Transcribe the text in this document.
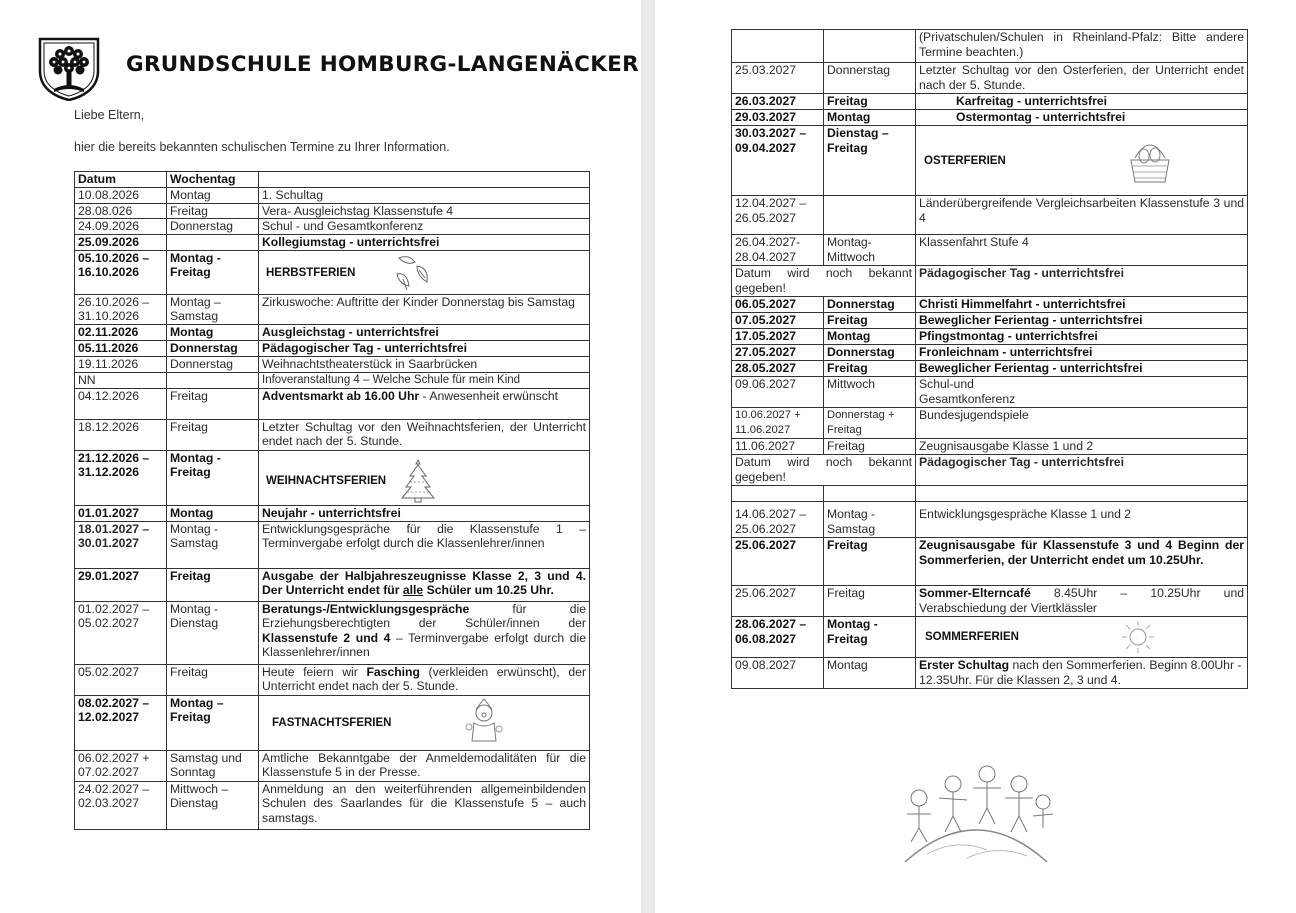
GRUNDSCHULE HOMBURG-LANGENÄCKER
Liebe Eltern,
hier die bereits bekannten schulischen Termine zu Ihrer Information.
Datum	Wochentag	
10.08.2026	Montag	1. Schultag
28.08.026	Freitag	Vera- Ausgleichstag Klassenstufe 4
24.09.2026	Donnerstag	Schul - und Gesamtkonferenz
25.09.2026		Kollegiumstag - unterrichtsfrei
05.10.2026 – 16.10.2026	Montag - Freitag	HERBSTFERIEN
26.10.2026 – 31.10.2026	Montag – Samstag	Zirkuswoche: Auftritte der Kinder Donnerstag bis Samstag
02.11.2026	Montag	Ausgleichstag - unterrichtsfrei
05.11.2026	Donnerstag	Pädagogischer Tag - unterrichtsfrei
19.11.2026	Donnerstag	Weihnachtstheaterstück in Saarbrücken
NN		Infoveranstaltung 4 – Welche Schule für mein Kind
04.12.2026	Freitag	Adventsmarkt ab 16.00 Uhr - Anwesenheit erwünscht
18.12.2026	Freitag	Letzter Schultag vor den Weihnachtsferien, der Unterricht endet nach der 5. Stunde.
21.12.2026 – 31.12.2026	Montag - Freitag	WEIHNACHTSFERIEN
01.01.2027	Montag	Neujahr - unterrichtsfrei
18.01.2027 – 30.01.2027	Montag - Samstag	Entwicklungsgespräche für die Klassenstufe 1 – Terminvergabe erfolgt durch die Klassenlehrer/innen
29.01.2027	Freitag	Ausgabe der Halbjahreszeugnisse Klasse 2, 3 und 4. Der Unterricht endet für alle Schüler um 10.25 Uhr.
01.02.2027 – 05.02.2027	Montag - Dienstag	Beratungs-/Entwicklungsgespräche für die Erziehungsberechtigten der Schüler/innen der Klassenstufe 2 und 4 – Terminvergabe erfolgt durch die Klassenlehrer/innen
05.02.2027	Freitag	Heute feiern wir Fasching (verkleiden erwünscht), der Unterricht endet nach der 5. Stunde.
08.02.2027 – 12.02.2027	Montag – Freitag	FASTNACHTSFERIEN
06.02.2027 + 07.02.2027	Samstag und Sonntag	Amtliche Bekanntgabe der Anmeldemodalitäten für die Klassenstufe 5 in der Presse.
24.02.2027 – 02.03.2027	Mittwoch – Dienstag	Anmeldung an den weiterführenden allgemeinbildenden Schulen des Saarlandes für die Klassenstufe 5 – auch samstags.
		(Privatschulen/Schulen in Rheinland-Pfalz: Bitte andere Termine beachten.)
25.03.2027	Donnerstag	Letzter Schultag vor den Osterferien, der Unterricht endet nach der 5. Stunde.
26.03.2027	Freitag	Karfreitag - unterrichtsfrei
29.03.2027	Montag	Ostermontag - unterrichtsfrei
30.03.2027 – 09.04.2027	Dienstag – Freitag	OSTERFERIEN
12.04.2027 – 26.05.2027		Länderübergreifende Vergleichsarbeiten Klassenstufe 3 und 4
26.04.2027- 28.04.2027	Montag- Mittwoch	Klassenfahrt Stufe 4
Datum wird noch bekannt gegeben!		Pädagogischer Tag - unterrichtsfrei
06.05.2027	Donnerstag	Christi Himmelfahrt - unterrichtsfrei
07.05.2027	Freitag	Beweglicher Ferientag - unterrichtsfrei
17.05.2027	Montag	Pfingstmontag - unterrichtsfrei
27.05.2027	Donnerstag	Fronleichnam - unterrichtsfrei
28.05.2027	Freitag	Beweglicher Ferientag - unterrichtsfrei
09.06.2027	Mittwoch	Schul-und Gesamtkonferenz

10.06.2027 + 11.06.2027	Donnerstag + Freitag	Bundesjugendspiele
11.06.2027	Freitag	Zeugnisausgabe Klasse 1 und 2
Datum wird noch bekannt gegeben!		Pädagogischer Tag - unterrichtsfrei

14.06.2027 – 25.06.2027	Montag - Samstag	Entwicklungsgespräche Klasse 1 und 2
25.06.2027	Freitag	Zeugnisausgabe für Klassenstufe 3 und 4 Beginn der Sommerferien, der Unterricht endet um 10.25Uhr.
25.06.2027	Freitag	Sommer-Elterncafé 8.45Uhr – 10.25Uhr und Verabschiedung der Viertklässler
28.06.2027 – 06.08.2027	Montag - Freitag	SOMMERFERIEN
09.08.2027	Montag	Erster Schultag nach den Sommerferien. Beginn 8.00Uhr - 12.35Uhr. Für die Klassen 2, 3 und 4.
